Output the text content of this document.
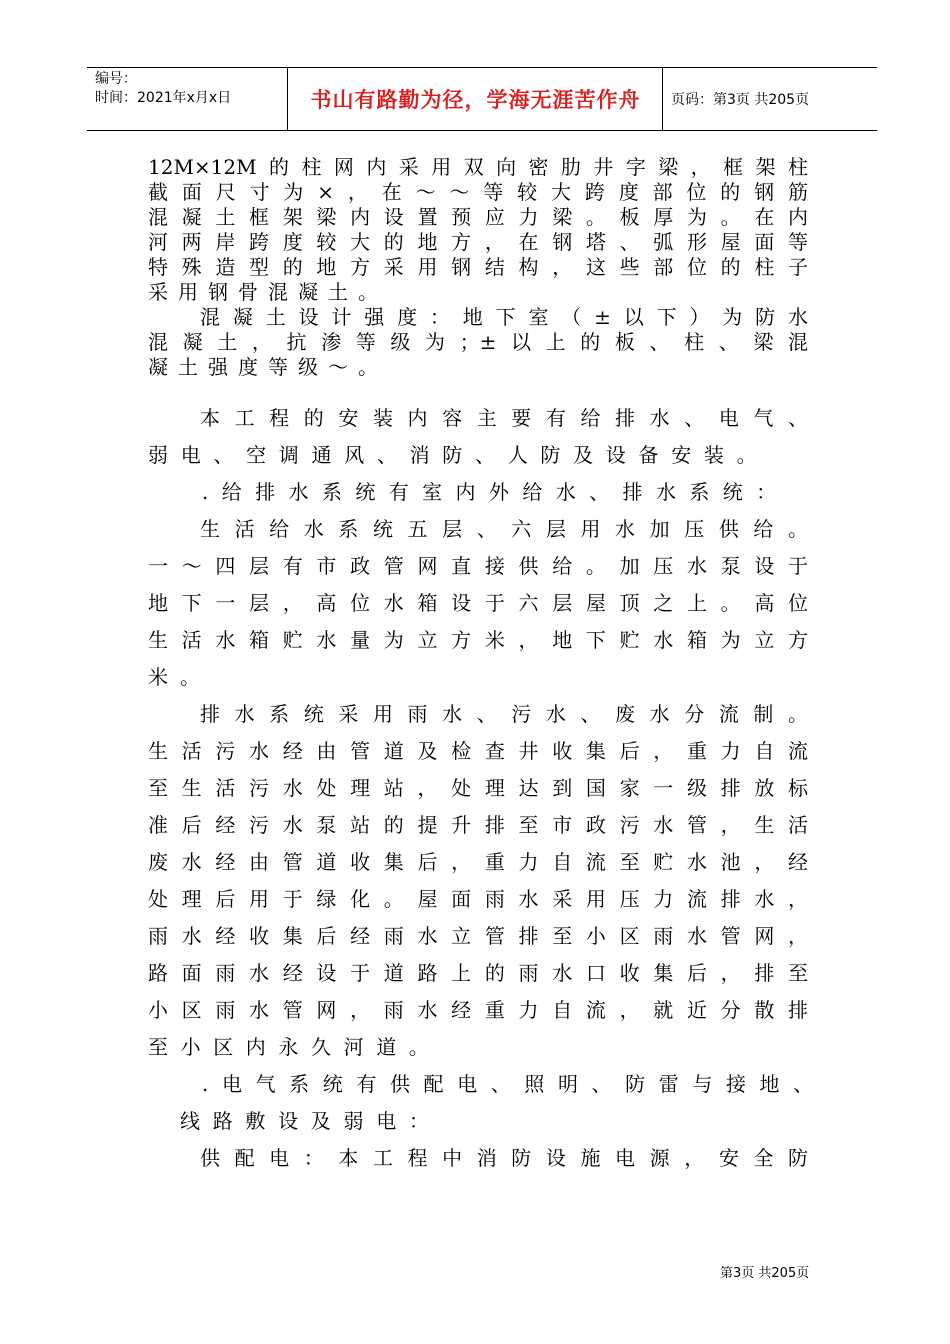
编号：
时间：2021年x月x日	书山有路勤为径，学海无涯苦作舟	页码：第3页 共205页
12M×12M的柱网内采用双向密肋井字梁，框架柱
截面尺寸为×，在～～等较大跨度部位的钢筋
混凝土框架梁内设置预应力梁。板厚为。在内
河两岸跨度较大的地方，在钢塔、弧形屋面等
特殊造型的地方采用钢结构，这些部位的柱子
采用钢骨混凝土。
混凝土设计强度：地下室（±以下）为防水
混凝土，抗渗等级为；±以上的板、柱、梁混
凝土强度等级～。
本工程的安装内容主要有给排水、电气、
弱电、空调通风、消防、人防及设备安装。
.给排水系统有室内外给水、排水系统：
生活给水系统五层、六层用水加压供给。
一～四层有市政管网直接供给。加压水泵设于
地下一层，高位水箱设于六层屋顶之上。高位
生活水箱贮水量为立方米，地下贮水箱为立方
米。
排水系统采用雨水、污水、废水分流制。
生活污水经由管道及检查井收集后，重力自流
至生活污水处理站，处理达到国家一级排放标
准后经污水泵站的提升排至市政污水管，生活
废水经由管道收集后，重力自流至贮水池，经
处理后用于绿化。屋面雨水采用压力流排水，
雨水经收集后经雨水立管排至小区雨水管网，
路面雨水经设于道路上的雨水口收集后，排至
小区雨水管网，雨水经重力自流，就近分散排
至小区内永久河道。
.电气系统有供配电、照明、防雷与接地、
线路敷设及弱电：
供配电：本工程中消防设施电源，安全防
第3页 共205页
